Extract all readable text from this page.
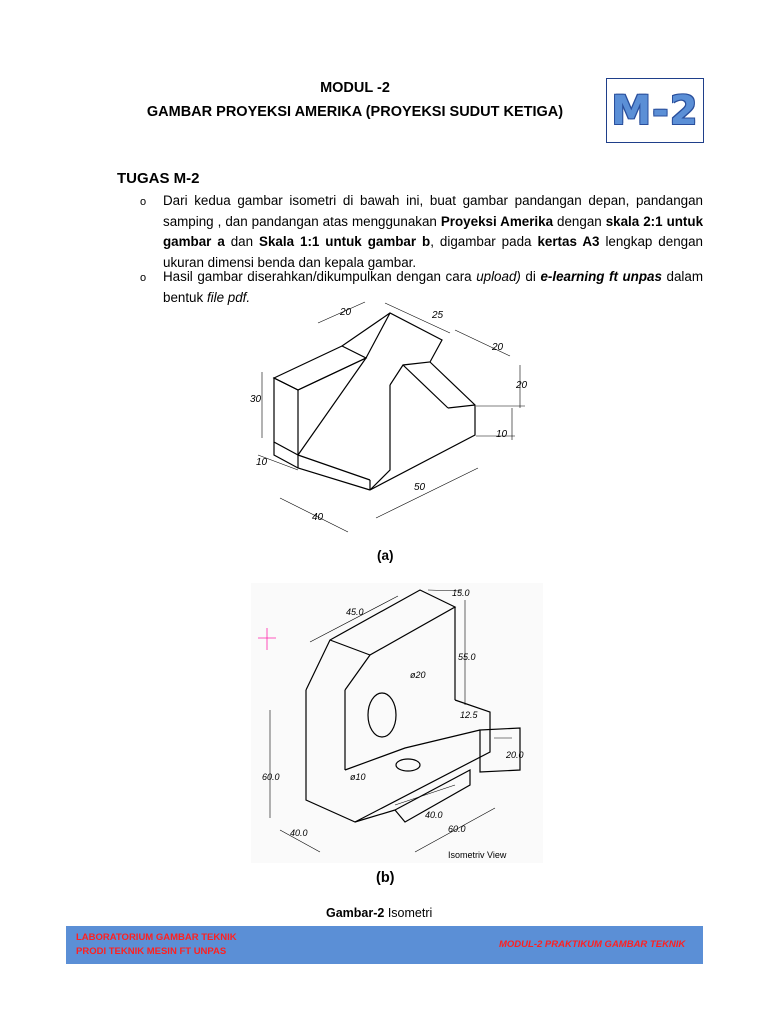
MODUL -2
GAMBAR PROYEKSI AMERIKA (PROYEKSI SUDUT KETIGA)	M-2
TUGAS M-2
o Dari kedua gambar isometri di bawah ini, buat gambar pandangan depan, pandangan samping , dan pandangan atas menggunakan Proyeksi Amerika dengan skala 2:1 untuk gambar a dan Skala 1:1 untuk gambar b, digambar pada kertas A3 lengkap dengan ukuran dimensi benda dan kepala gambar.
o Hasil gambar diserahkan/dikumpulkan dengan cara upload) di e-learning ft unpas dalam bentuk file pdf.
20	25
20
20
10
30
10
40
50
(a)
45.0
15.0
55.0
ø20
12.5
20.0
60.0	ø10
40.0
60.0
40.0
Isometriv View
(b)
Gambar-2 Isometri
LABORATORIUM GAMBAR TEKNIK
PRODI TEKNIK MESIN FT UNPAS
MODUL-2 PRAKTIKUM GAMBAR TEKNIK
